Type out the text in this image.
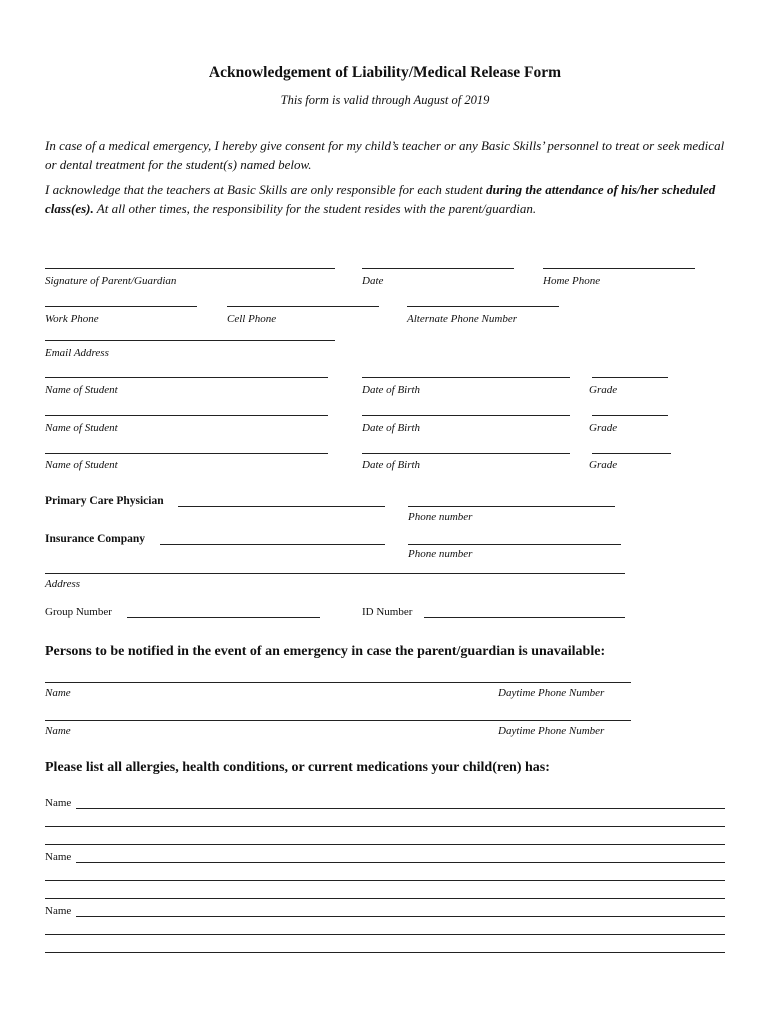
Acknowledgement of Liability/Medical Release Form
This form is valid through August of 2019
In case of a medical emergency, I hereby give consent for my child’s teacher or any Basic Skills’ personnel to treat or seek medical or dental treatment for the student(s) named below.
I acknowledge that the teachers at Basic Skills are only responsible for each student during the attendance of his/her scheduled class(es). At all other times, the responsibility for the student resides with the parent/guardian.
Signature of Parent/Guardian	Date	Home Phone
Work Phone	Cell Phone	Alternate Phone Number
Email Address
Name of Student	Date of Birth	Grade
Name of Student	Date of Birth	Grade
Name of Student	Date of Birth	Grade
Primary Care Physician
Phone number
Insurance Company
Phone number
Address
Group Number	ID Number
Persons to be notified in the event of an emergency in case the parent/guardian is unavailable:
Name	Daytime Phone Number
Name	Daytime Phone Number
Please list all allergies, health conditions, or current medications your child(ren) has:
Name
Name
Name
